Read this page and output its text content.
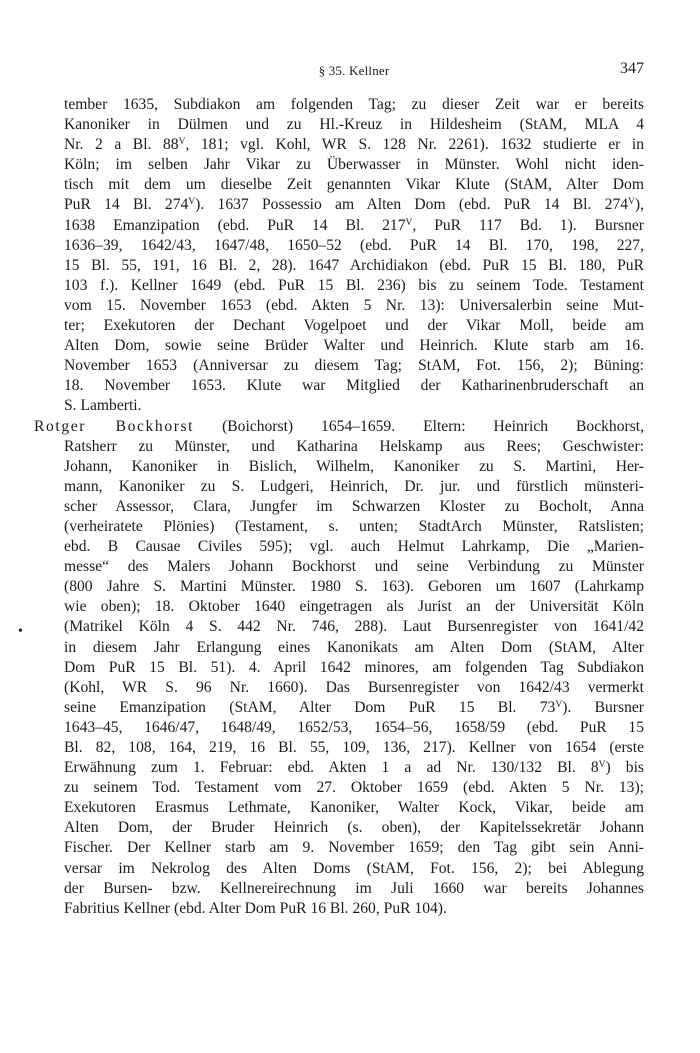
§ 35. Kellner	347
•
tember 1635, Subdiakon am folgenden Tag; zu dieser Zeit war er bereits
Kanoniker in Dülmen und zu Hl.-Kreuz in Hildesheim (StAM, MLA 4
Nr. 2 a Bl. $88^V$, 181; vgl. Kohl, WR S. 128 Nr. 2261). 1632 studierte er in
Köln; im selben Jahr Vikar zu Überwasser in Münster. Wohl nicht iden-
tisch mit dem um dieselbe Zeit genannten Vikar Klute (StAM, Alter Dom
PuR 14 Bl. $274^V$). 1637 Possessio am Alten Dom (ebd. PuR 14 Bl. $274^V$),
1638 Emanzipation (ebd. PuR 14 Bl. $217^V$, PuR 117 Bd. 1). Bursner
1636–39, 1642/43, 1647/48, 1650–52 (ebd. PuR 14 Bl. 170, 198, 227,
15 Bl. 55, 191, 16 Bl. 2, 28). 1647 Archidiakon (ebd. PuR 15 Bl. 180, PuR
103 f.). Kellner 1649 (ebd. PuR 15 Bl. 236) bis zu seinem Tode. Testament
vom 15. November 1653 (ebd. Akten 5 Nr. 13): Universalerbin seine Mut-
ter; Exekutoren der Dechant Vogelpoet und der Vikar Moll, beide am
Alten Dom, sowie seine Brüder Walter und Heinrich. Klute starb am 16.
November 1653 (Anniversar zu diesem Tag; StAM, Fot. 156, 2); Büning:
18. November 1653. Klute war Mitglied der Katharinenbruderschaft an
S. Lamberti.
Rotger Bockhorst (Boichorst) 1654–1659. Eltern: Heinrich Bockhorst,
Ratsherr zu Münster, und Katharina Helskamp aus Rees; Geschwister:
Johann, Kanoniker in Bislich, Wilhelm, Kanoniker zu S. Martini, Her-
mann, Kanoniker zu S. Ludgeri, Heinrich, Dr. jur. und fürstlich münsteri-
scher Assessor, Clara, Jungfer im Schwarzen Kloster zu Bocholt, Anna
(verheiratete Plönies) (Testament, s. unten; StadtArch Münster, Ratslisten;
ebd. B Causae Civiles 595); vgl. auch Helmut Lahrkamp, Die „Marien-
messe“ des Malers Johann Bockhorst und seine Verbindung zu Münster
(800 Jahre S. Martini Münster. 1980 S. 163). Geboren um 1607 (Lahrkamp
wie oben); 18. Oktober 1640 eingetragen als Jurist an der Universität Köln
(Matrikel Köln 4 S. 442 Nr. 746, 288). Laut Bursenregister von 1641/42
in diesem Jahr Erlangung eines Kanonikats am Alten Dom (StAM, Alter
Dom PuR 15 Bl. 51). 4. April 1642 minores, am folgenden Tag Subdiakon
(Kohl, WR S. 96 Nr. 1660). Das Bursenregister von 1642/43 vermerkt
seine Emanzipation (StAM, Alter Dom PuR 15 Bl. $73^V$). Bursner
1643–45, 1646/47, 1648/49, 1652/53, 1654–56, 1658/59 (ebd. PuR 15
Bl. 82, 108, 164, 219, 16 Bl. 55, 109, 136, 217). Kellner von 1654 (erste
Erwähnung zum 1. Februar: ebd. Akten 1 a ad Nr. 130/132 Bl. $8^V$) bis
zu seinem Tod. Testament vom 27. Oktober 1659 (ebd. Akten 5 Nr. 13);
Exekutoren Erasmus Lethmate, Kanoniker, Walter Kock, Vikar, beide am
Alten Dom, der Bruder Heinrich (s. oben), der Kapitelssekretär Johann
Fischer. Der Kellner starb am 9. November 1659; den Tag gibt sein Anni-
versar im Nekrolog des Alten Doms (StAM, Fot. 156, 2); bei Ablegung
der Bursen- bzw. Kellnereirechnung im Juli 1660 war bereits Johannes
Fabritius Kellner (ebd. Alter Dom PuR 16 Bl. 260, PuR 104).
